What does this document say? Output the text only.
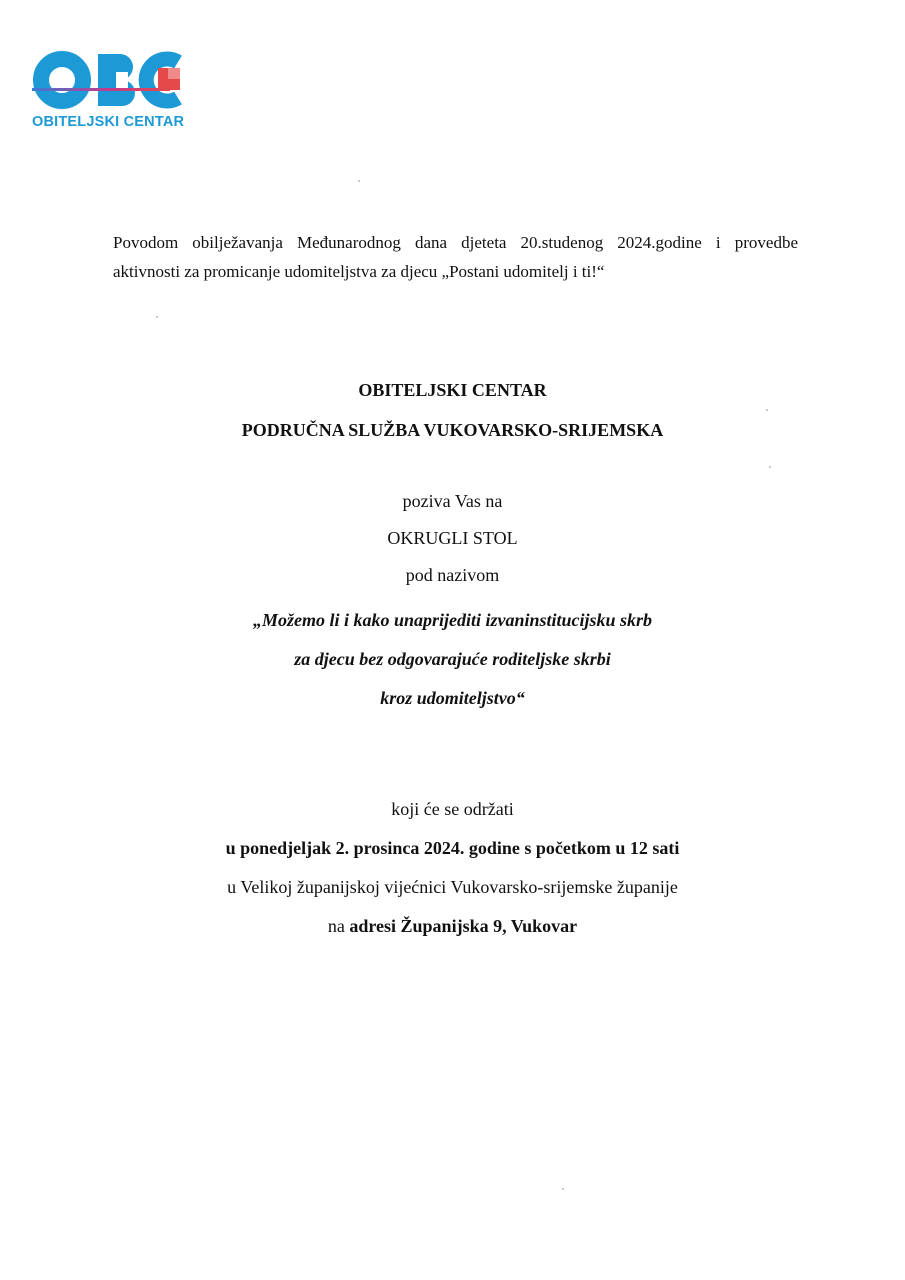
OBITELJSKI CENTAR
Povodom obilježavanja Međunarodnog dana djeteta 20.studenog 2024.godine i provedbe
aktivnosti za promicanje udomiteljstva za djecu „Postani udomitelj i ti!“
OBITELJSKI CENTAR
PODRUČNA SLUŽBA VUKOVARSKO-SRIJEMSKA
poziva Vas na
OKRUGLI STOL
pod nazivom
„Možemo li i kako unaprijediti izvaninstitucijsku skrb
za djecu bez odgovarajuće roditeljske skrbi
kroz udomiteljstvo“
koji će se održati
u ponedjeljak 2. prosinca 2024. godine s početkom u 12 sati
u Velikoj županijskoj vijećnici Vukovarsko-srijemske županije
na adresi Županijska 9, Vukovar
